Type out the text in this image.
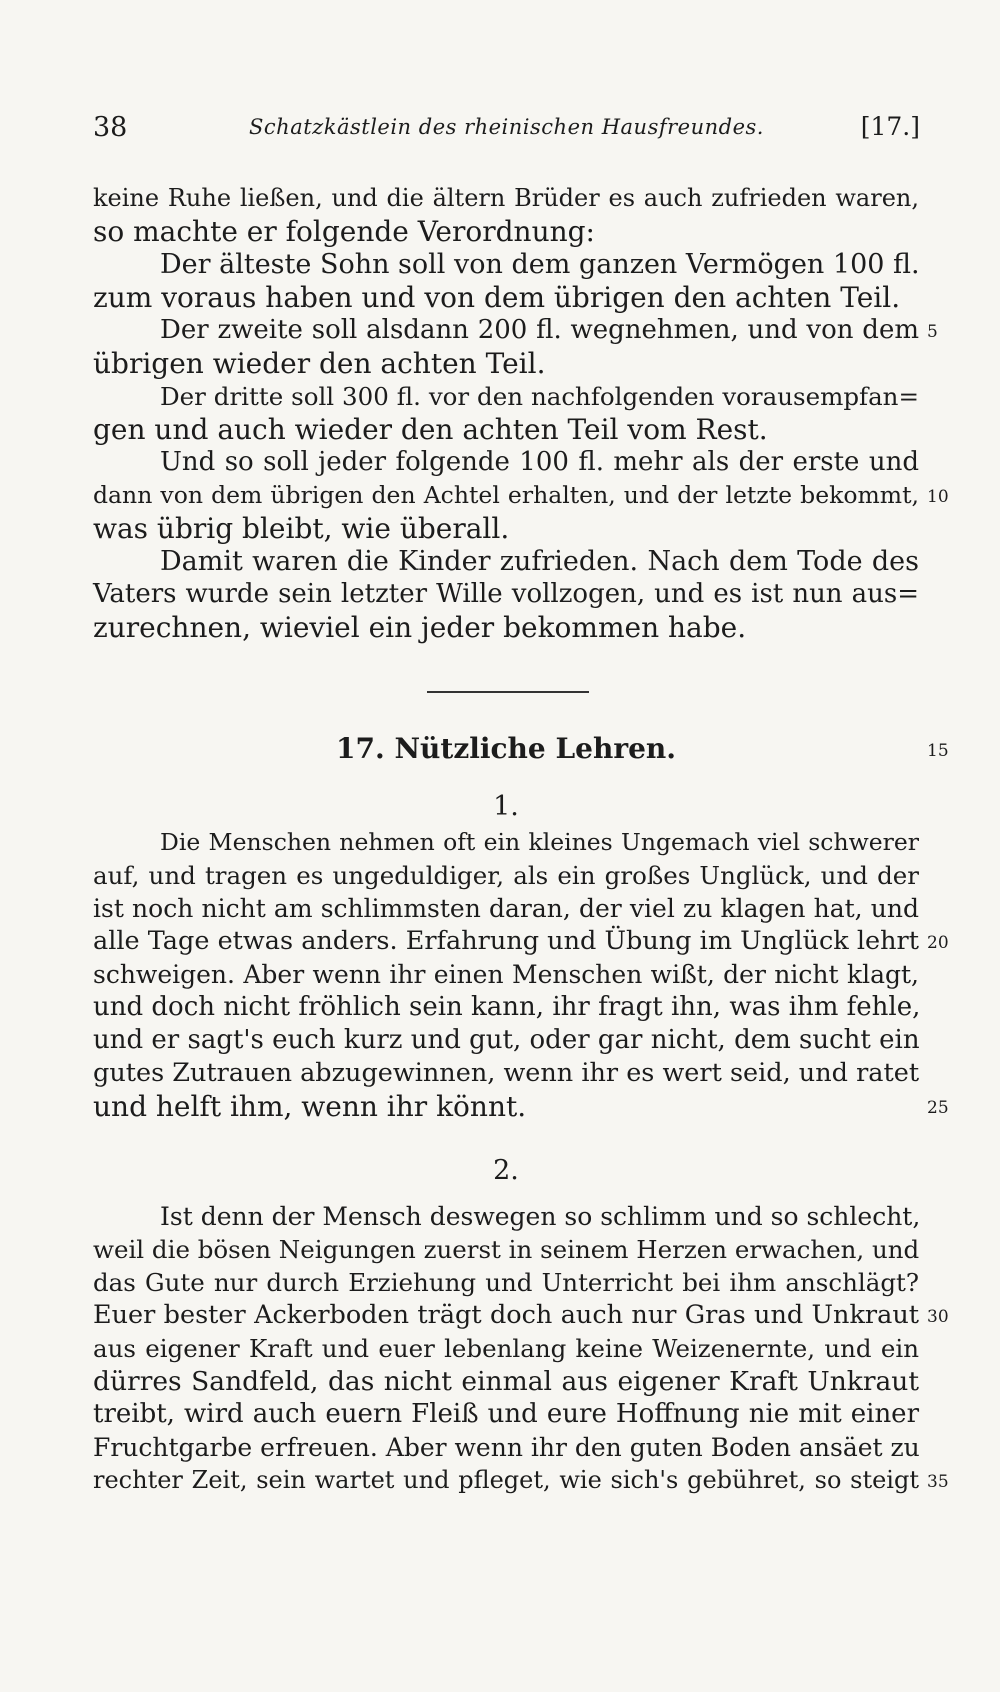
38	Schatzkästlein des rheinischen Hausfreundes.	[17.]
keine Ruhe ließen, und die ältern Brüder es auch zufrieden waren,
so machte er folgende Verordnung:
Der älteste Sohn soll von dem ganzen Vermögen 100 fl.
zum voraus haben und von dem übrigen den achten Teil.
Der zweite soll alsdann 200 fl. wegnehmen, und von dem
übrigen wieder den achten Teil.
Der dritte soll 300 fl. vor den nachfolgenden vorausempfan=
gen und auch wieder den achten Teil vom Rest.
Und so soll jeder folgende 100 fl. mehr als der erste und
dann von dem übrigen den Achtel erhalten, und der letzte bekommt,
was übrig bleibt, wie überall.
Damit waren die Kinder zufrieden. Nach dem Tode des
Vaters wurde sein letzter Wille vollzogen, und es ist nun aus=
zurechnen, wieviel ein jeder bekommen habe.
17. Nützliche Lehren.
1.
Die Menschen nehmen oft ein kleines Ungemach viel schwerer
auf, und tragen es ungeduldiger, als ein großes Unglück, und der
ist noch nicht am schlimmsten daran, der viel zu klagen hat, und
alle Tage etwas anders. Erfahrung und Übung im Unglück lehrt
schweigen. Aber wenn ihr einen Menschen wißt, der nicht klagt,
und doch nicht fröhlich sein kann, ihr fragt ihn, was ihm fehle,
und er sagt's euch kurz und gut, oder gar nicht, dem sucht ein
gutes Zutrauen abzugewinnen, wenn ihr es wert seid, und ratet
und helft ihm, wenn ihr könnt.
2.
Ist denn der Mensch deswegen so schlimm und so schlecht,
weil die bösen Neigungen zuerst in seinem Herzen erwachen, und
das Gute nur durch Erziehung und Unterricht bei ihm anschlägt?
Euer bester Ackerboden trägt doch auch nur Gras und Unkraut
aus eigener Kraft und euer lebenlang keine Weizenernte, und ein
dürres Sandfeld, das nicht einmal aus eigener Kraft Unkraut
treibt, wird auch euern Fleiß und eure Hoffnung nie mit einer
Fruchtgarbe erfreuen. Aber wenn ihr den guten Boden ansäet zu
rechter Zeit, sein wartet und pfleget, wie sich's gebühret, so steigt
5
10
15
20
25
30
35
